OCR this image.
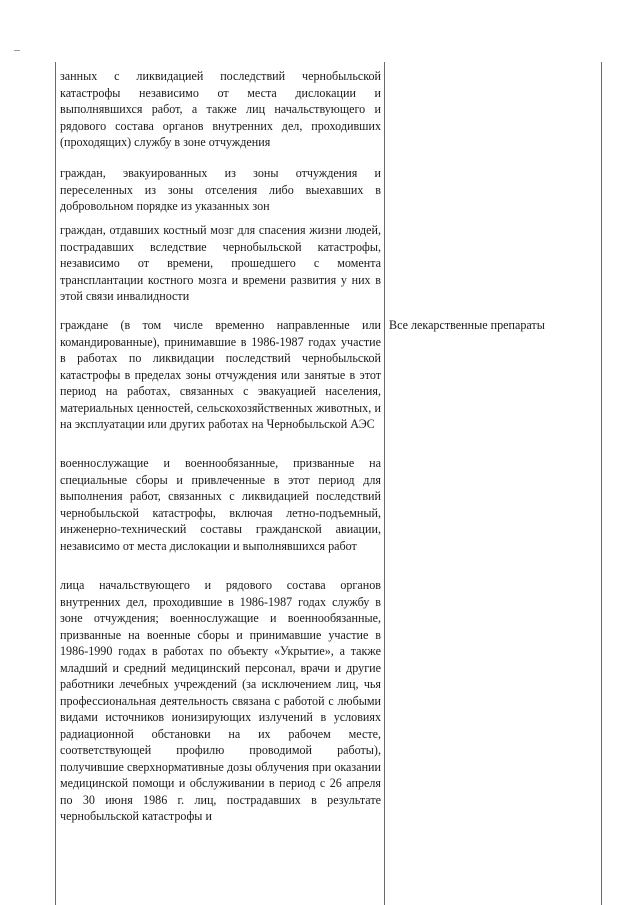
занных с ликвидацией последствий чернобыльской катастрофы независимо от места дислокации и выполнявшихся работ, а также лиц начальствующего и рядового состава органов внутренних дел, проходивших (проходящих) службу в зоне отчуждения
граждан, эвакуированных из зоны отчуждения и переселенных из зоны отселения либо выехавших в добровольном порядке из указанных зон
граждан, отдавших костный мозг для спасения жизни людей, пострадавших вследствие чернобыльской катастрофы, независимо от времени, прошедшего с момента трансплантации костного мозга и времени развития у них в этой связи инвалидности
граждане (в том числе временно направленные или командированные), принимавшие в 1986-1987 годах участие в работах по ликвидации последствий чернобыльской катастрофы в пределах зоны отчуждения или занятые в этот период на работах, связанных с эвакуацией населения, материальных ценностей, сельскохозяйственных животных, и на эксплуатации или других работах на Чернобыльской АЭС
военнослужащие и военнообязанные, призванные на специальные сборы и привлеченные в этот период для выполнения работ, связанных с ликвидацией последствий чернобыльской катастрофы, включая летно-подъемный, инженерно-технический составы гражданской авиации, независимо от места дислокации и выполнявшихся работ
лица начальствующего и рядового состава органов внутренних дел, проходившие в 1986-1987 годах службу в зоне отчуждения; военнослужащие и военнообязанные, призванные на военные сборы и принимавшие участие в 1986-1990 годах в работах по объекту «Укрытие», а также младший и средний медицинский персонал, врачи и другие работники лечебных учреждений (за исключением лиц, чья профессиональная деятельность связана с работой с любыми видами источников ионизирующих излучений в условиях радиационной обстановки на их рабочем месте, соответствующей профилю проводимой работы), получившие сверхнормативные дозы облучения при оказании медицинской помощи и обслуживании в период с 26 апреля по 30 июня 1986 г. лиц, пострадавших в результате чернобыльской катастрофы и
Все лекарственные препараты
